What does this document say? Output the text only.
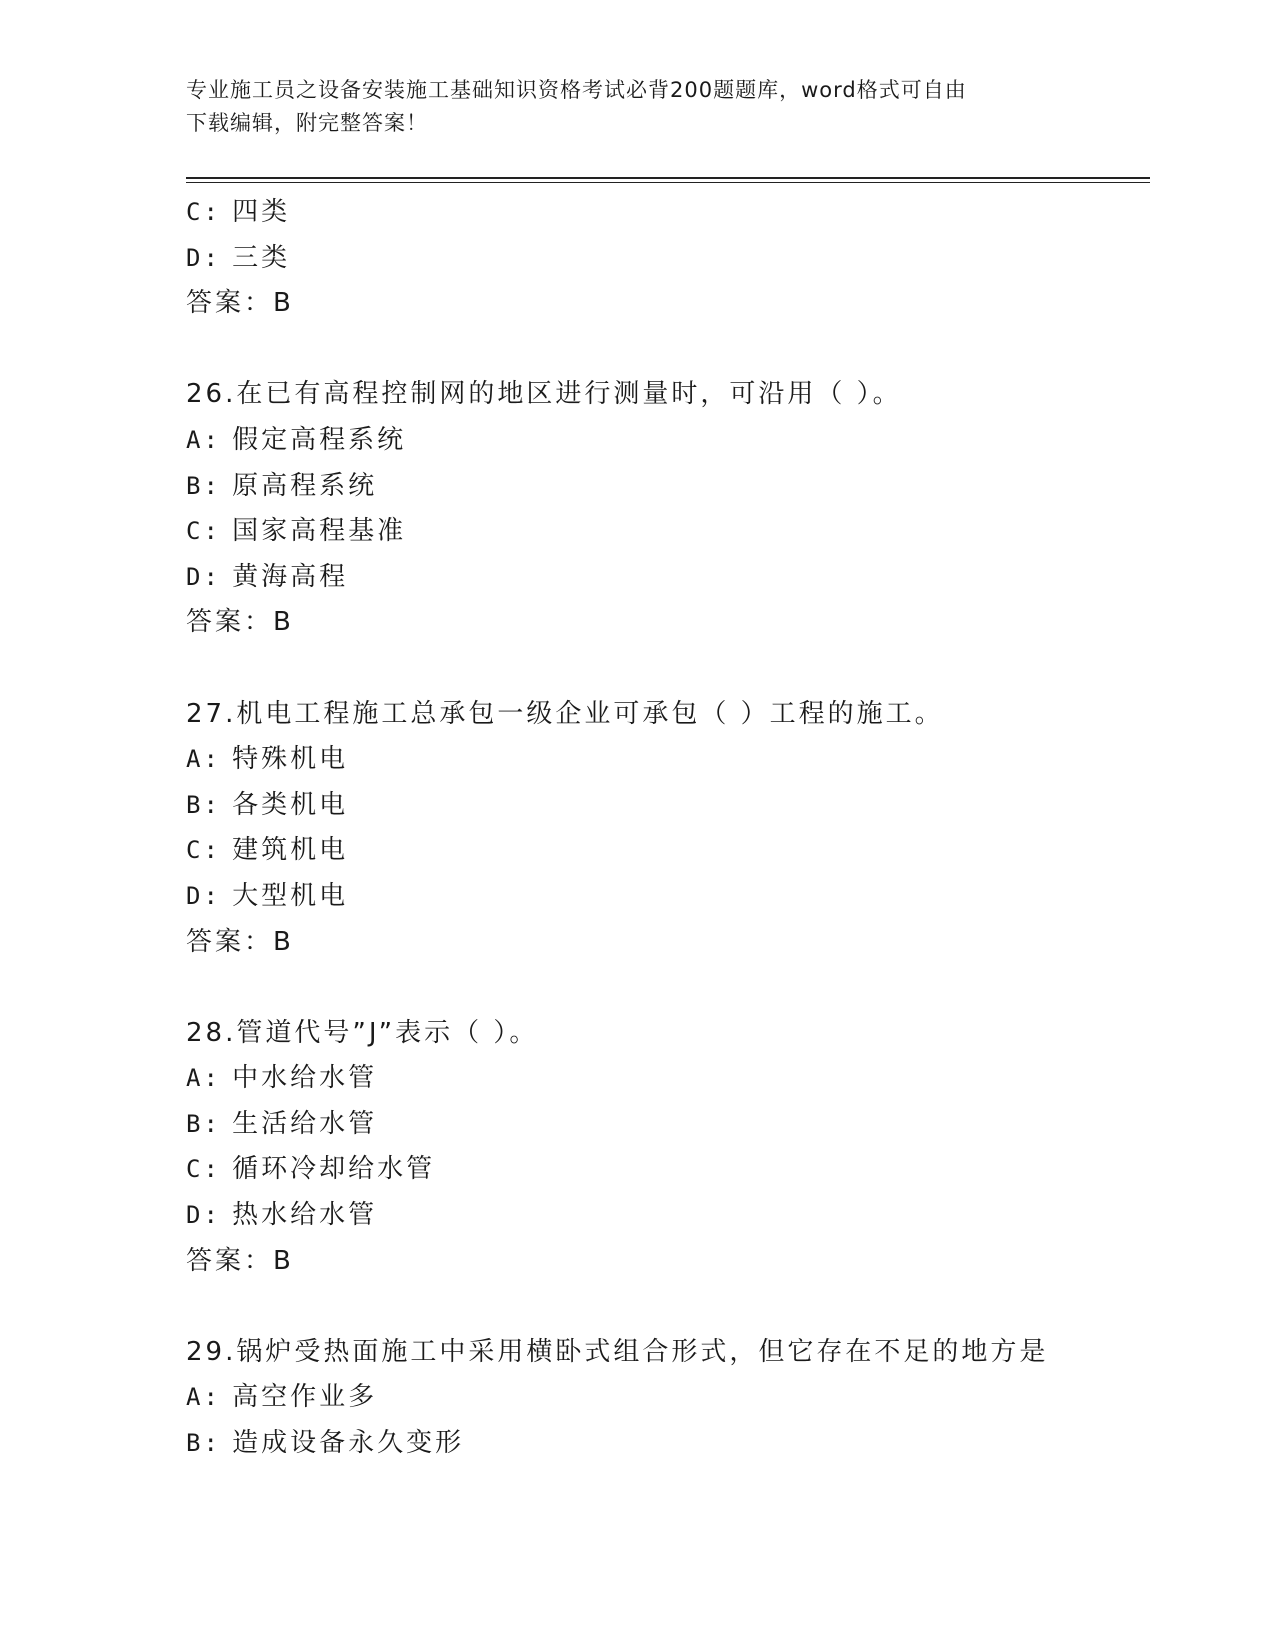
专业施工员之设备安装施工基础知识资格考试必背200题题库，word格式可自由
下载编辑，附完整答案！
C: 四类
D: 三类
答案：B
26.在已有高程控制网的地区进行测量时，可沿用（ ）。
A: 假定高程系统
B: 原高程系统
C: 国家高程基准
D: 黄海高程
答案：B
27.机电工程施工总承包一级企业可承包（ ）工程的施工。
A: 特殊机电
B: 各类机电
C: 建筑机电
D: 大型机电
答案：B
28.管道代号”J”表示（ ）。
A: 中水给水管
B: 生活给水管
C: 循环冷却给水管
D: 热水给水管
答案：B
29.锅炉受热面施工中采用横卧式组合形式，但它存在不足的地方是
A: 高空作业多
B: 造成设备永久变形
